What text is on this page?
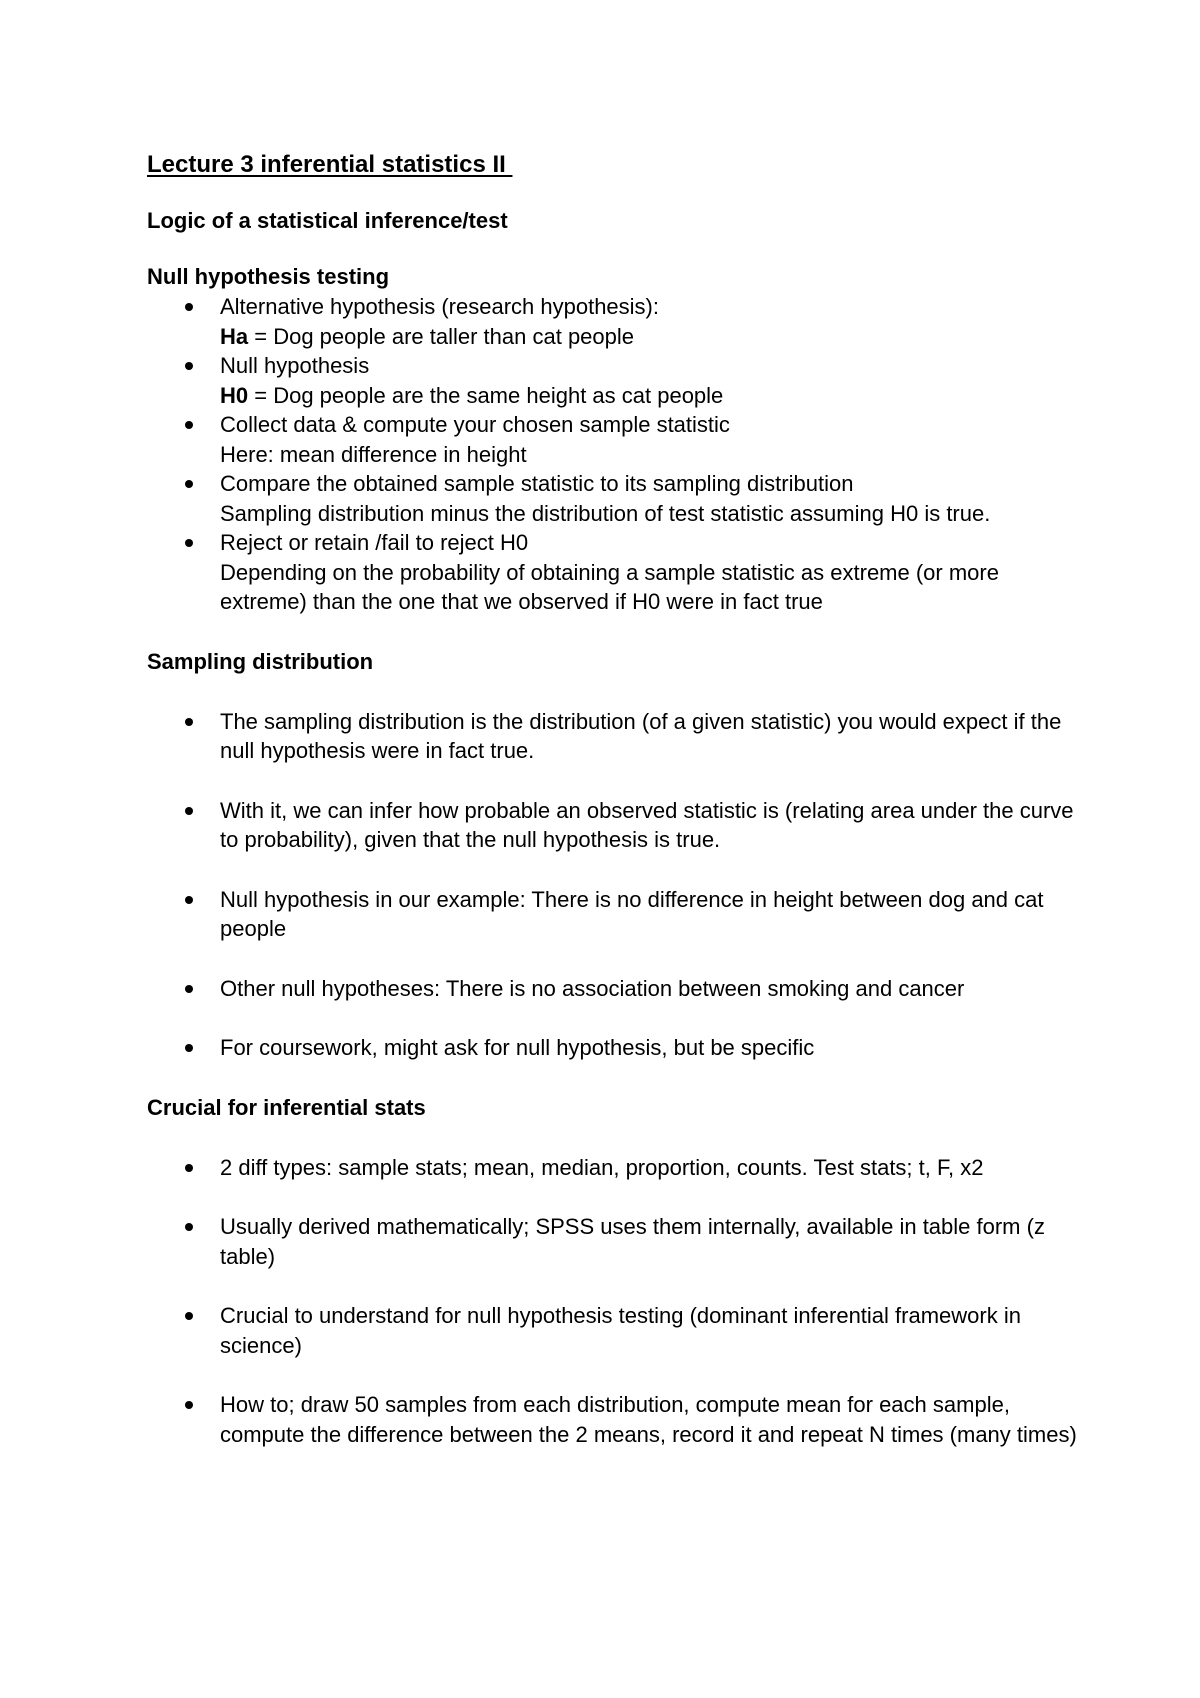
Lecture 3 inferential statistics II
Logic of a statistical inference/test
Null hypothesis testing
Alternative hypothesis (research hypothesis):
Ha = Dog people are taller than cat people
Null hypothesis
H0 = Dog people are the same height as cat people
Collect data & compute your chosen sample statistic
Here: mean difference in height
Compare the obtained sample statistic to its sampling distribution
Sampling distribution minus the distribution of test statistic assuming H0 is true.
Reject or retain /fail to reject H0
Depending on the probability of obtaining a sample statistic as extreme (or more extreme) than the one that we observed if H0 were in fact true
Sampling distribution
The sampling distribution is the distribution (of a given statistic) you would expect if the null hypothesis were in fact true.
With it, we can infer how probable an observed statistic is (relating area under the curve to probability), given that the null hypothesis is true.
Null hypothesis in our example: There is no difference in height between dog and cat people
Other null hypotheses: There is no association between smoking and cancer
For coursework, might ask for null hypothesis, but be specific
Crucial for inferential stats
2 diff types: sample stats; mean, median, proportion, counts. Test stats; t, F, x2
Usually derived mathematically; SPSS uses them internally, available in table form (z table)
Crucial to understand for null hypothesis testing (dominant inferential framework in science)
How to; draw 50 samples from each distribution, compute mean for each sample, compute the difference between the 2 means, record it and repeat N times (many times)
